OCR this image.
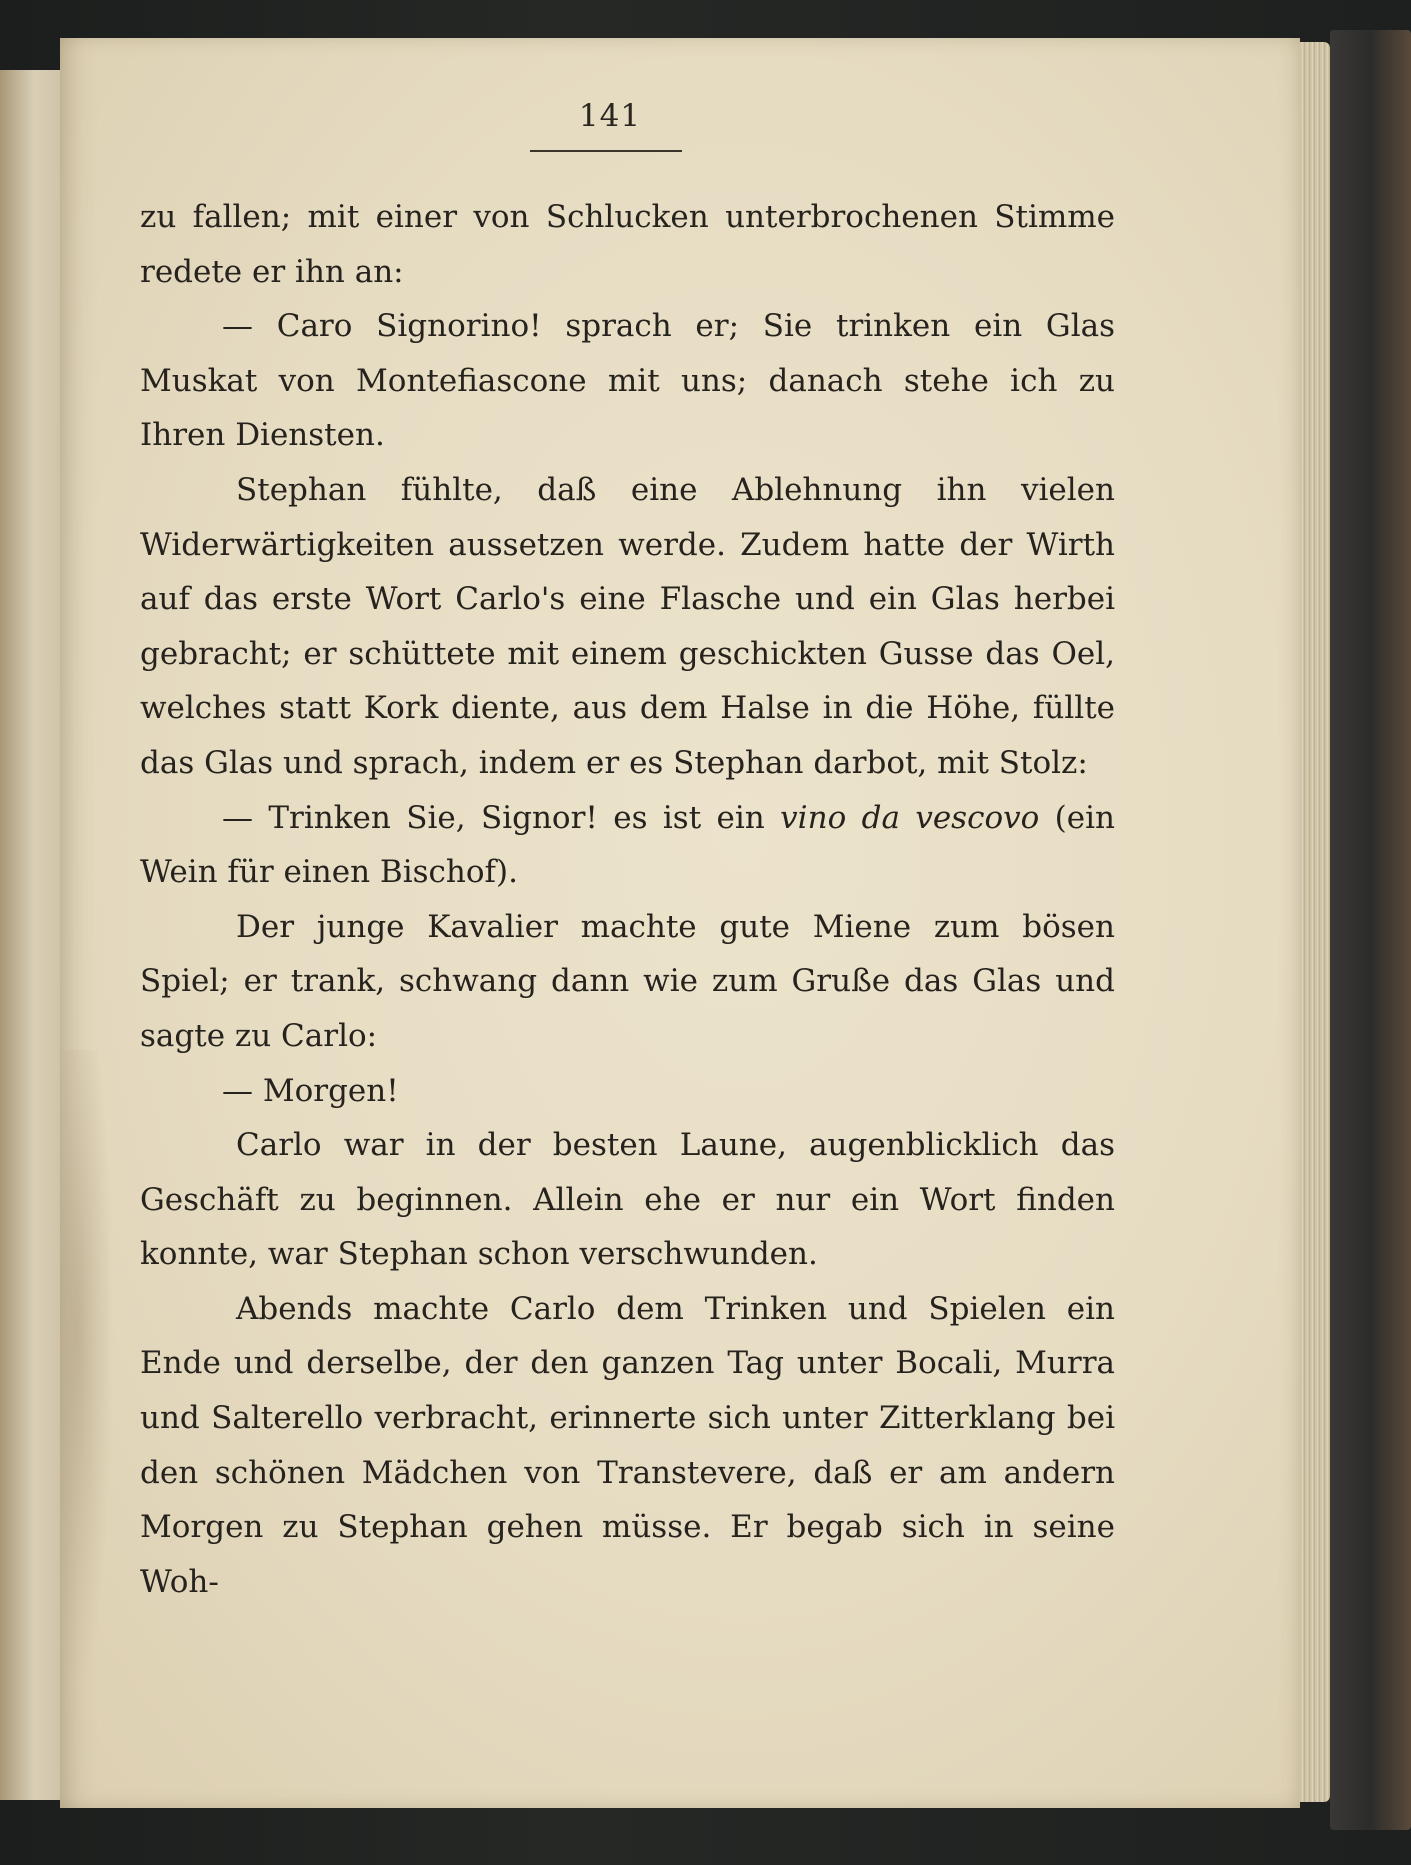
141

zu fallen; mit einer von Schlucken unterbrochenen Stimme redete er ihn an:

— Caro Signorino! sprach er; Sie trinken ein Glas Muskat von Montefiascone mit uns; danach stehe ich zu Ihren Diensten.

Stephan fühlte, daß eine Ablehnung ihn vielen Widerwärtigkeiten aussetzen werde. Zudem hatte der Wirth auf das erste Wort Carlo's eine Flasche und ein Glas herbei gebracht; er schüttete mit einem geschickten Gusse das Oel, welches statt Kork diente, aus dem Halse in die Höhe, füllte das Glas und sprach, indem er es Stephan darbot, mit Stolz:

— Trinken Sie, Signor! es ist ein vino da vescovo (ein Wein für einen Bischof).

Der junge Kavalier machte gute Miene zum bösen Spiel; er trank, schwang dann wie zum Gruße das Glas und sagte zu Carlo:

— Morgen!

Carlo war in der besten Laune, augenblicklich das Geschäft zu beginnen. Allein ehe er nur ein Wort finden konnte, war Stephan schon verschwunden.

Abends machte Carlo dem Trinken und Spielen ein Ende und derselbe, der den ganzen Tag unter Bocali, Murra und Salterello verbracht, erinnerte sich unter Zitterklang bei den schönen Mädchen von Transtevere, daß er am andern Morgen zu Stephan gehen müsse. Er begab sich in seine Woh-
